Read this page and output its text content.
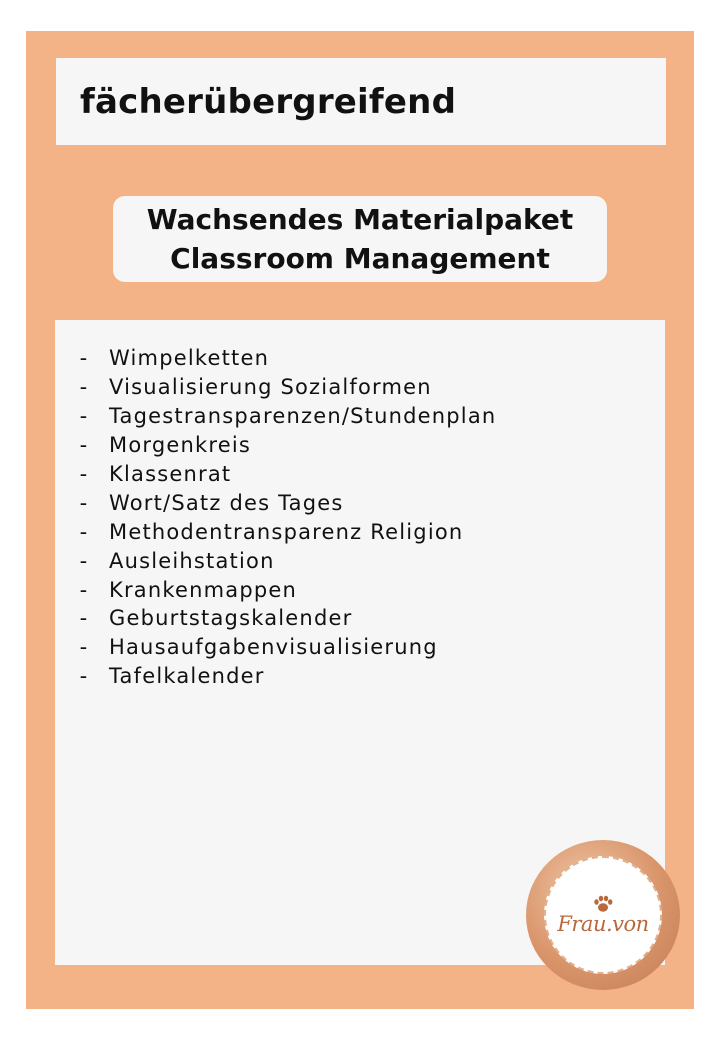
fächerübergreifend
Wachsendes Materialpaket
Classroom Management
- Wimpelketten
- Visualisierung Sozialformen
- Tagestransparenzen/Stundenplan
- Morgenkreis
- Klassenrat
- Wort/Satz des Tages
- Methodentransparenz Religion
- Ausleihstation
- Krankenmappen
- Geburtstagskalender
- Hausaufgabenvisualisierung
- Tafelkalender
Frau.von
